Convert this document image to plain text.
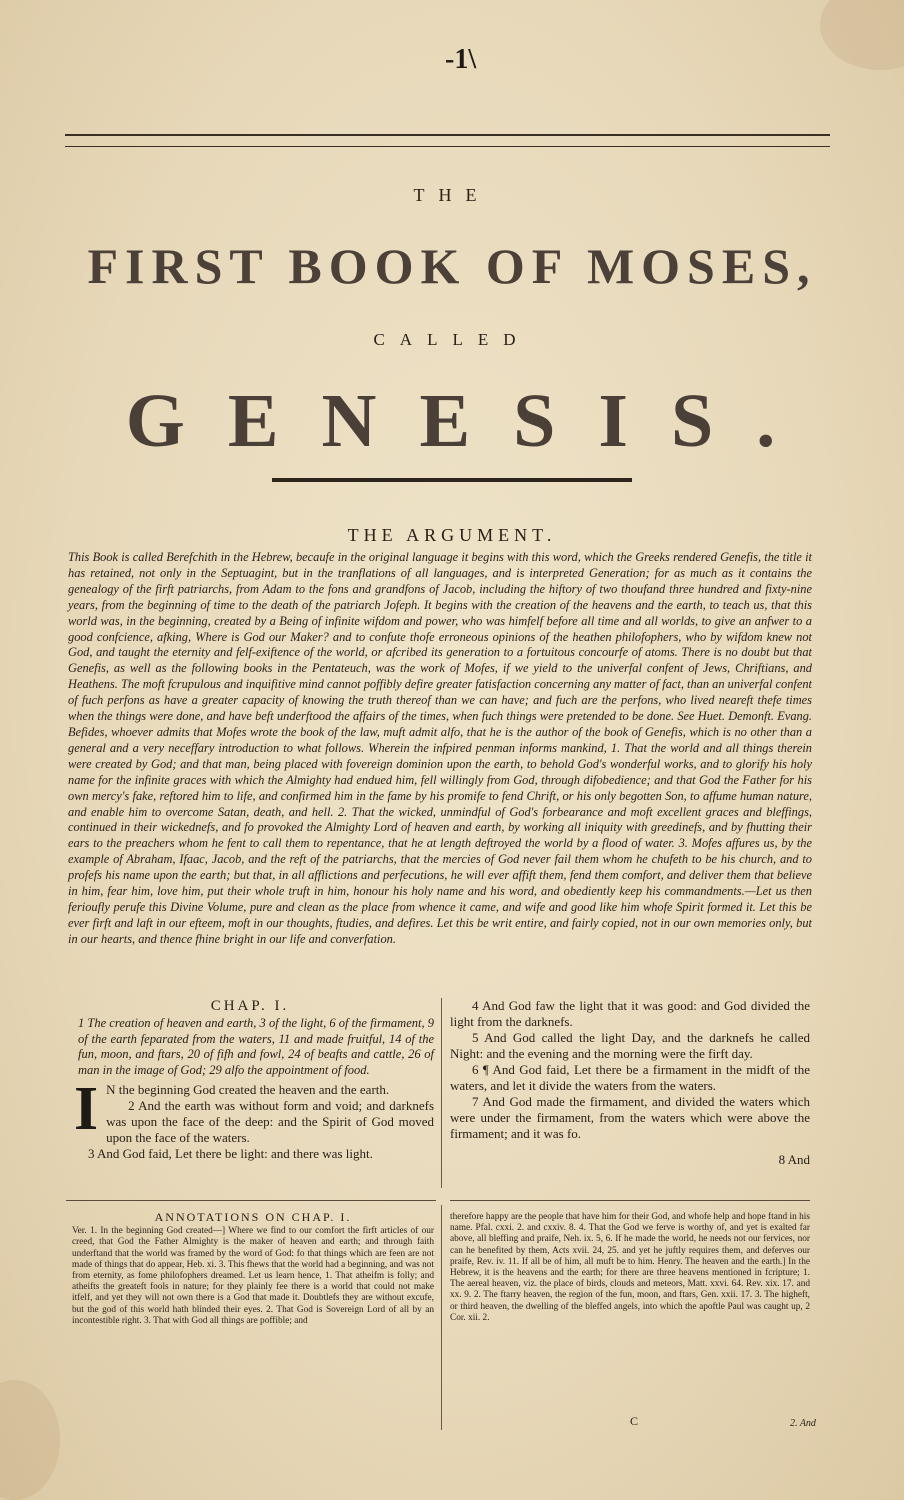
-1\
THE
FIRST BOOK OF MOSES,
CALLED
GENESIS.
THE ARGUMENT.
This Book is called Berefchith in the Hebrew, becaufe in the original language it begins with this word, which the Greeks rendered Genefis, the title it has retained, not only in the Septuagint, but in the tranflations of all languages, and is interpreted Generation; for as much as it contains the genealogy of the firft patriarchs, from Adam to the fons and grandfons of Jacob, including the hiftory of two thoufand three hundred and fixty-nine years, from the beginning of time to the death of the patriarch Jofeph. It begins with the creation of the heavens and the earth, to teach us, that this world was, in the beginning, created by a Being of infinite wifdom and power, who was himfelf before all time and all worlds, to give an anfwer to a good confcience, afking, Where is God our Maker? and to confute thofe erroneous opinions of the heathen philofophers, who by wifdom knew not God, and taught the eternity and felf-exiftence of the world, or afcribed its generation to a fortuitous concourfe of atoms. There is no doubt but that Genefis, as well as the following books in the Pentateuch, was the work of Mofes, if we yield to the univerfal confent of Jews, Chriftians, and Heathens. The moft fcrupulous and inquifitive mind cannot poffibly defire greater fatisfaction concerning any matter of fact, than an univerfal confent of fuch perfons as have a greater capacity of knowing the truth thereof than we can have; and fuch are the perfons, who lived neareft thefe times when the things were done, and have beft underftood the affairs of the times, when fuch things were pretended to be done. See Huet. Demonft. Evang. Befides, whoever admits that Mofes wrote the book of the law, muft admit alfo, that he is the author of the book of Genefis, which is no other than a general and a very neceffary introduction to what follows. Wherein the infpired penman informs mankind, 1. That the world and all things therein were created by God; and that man, being placed with fovereign dominion upon the earth, to behold God's wonderful works, and to glorify his holy name for the infinite graces with which the Almighty had endued him, fell willingly from God, through difobedience; and that God the Father for his own mercy's fake, reftored him to life, and confirmed him in the fame by his promife to fend Chrift, or his only begotten Son, to affume human nature, and enable him to overcome Satan, death, and hell. 2. That the wicked, unmindful of God's forbearance and moft excellent graces and bleffings, continued in their wickednefs, and fo provoked the Almighty Lord of heaven and earth, by working all iniquity with greedinefs, and by fhutting their ears to the preachers whom he fent to call them to repentance, that he at length deftroyed the world by a flood of water. 3. Mofes affures us, by the example of Abraham, Ifaac, Jacob, and the reft of the patriarchs, that the mercies of God never fail them whom he chufeth to be his church, and to profefs his name upon the earth; but that, in all afflictions and perfecutions, he will ever affift them, fend them comfort, and deliver them that believe in him, fear him, love him, put their whole truft in him, honour his holy name and his word, and obediently keep his commandments.—Let us then ferioufly perufe this Divine Volume, pure and clean as the place from whence it came, and wife and good like him whofe Spirit formed it. Let this be ever firft and laft in our efteem, moft in our thoughts, ftudies, and defires. Let this be writ entire, and fairly copied, not in our own memories only, but in our hearts, and thence fhine bright in our life and converfation.
CHAP. I.
1 The creation of heaven and earth, 3 of the light, 6 of the firmament, 9 of the earth feparated from the waters, 11 and made fruitful, 14 of the fun, moon, and ftars, 20 of fifh and fowl, 24 of beafts and cattle, 26 of man in the image of God; 29 alfo the appointment of food.
I N the beginning God created the heaven and the earth.

2 And the earth was without form and void; and darknefs was upon the face of the deep: and the Spirit of God moved upon the face of the waters.

3 And God faid, Let there be light: and there was light.

4 And God faw the light that it was good: and God divided the light from the darknefs.

5 And God called the light Day, and the darknefs he called Night: and the evening and the morning were the firft day.

6 ¶ And God faid, Let there be a firmament in the midft of the waters, and let it divide the waters from the waters.

7 And God made the firmament, and divided the waters which were under the firmament, from the waters which were above the firmament; and it was fo.

8 And
ANNOTATIONS ON CHAP. I.
Ver. 1. In the beginning God created—] Where we find to our comfort the firft articles of our creed, that God the Father Almighty is the maker of heaven and earth; and through faith underftand that the world was framed by the word of God: fo that things which are feen are not made of things that do appear, Heb. xi. 3. This fhews that the world had a beginning, and was not from eternity, as fome philofophers dreamed. Let us learn hence, 1. That atheifm is folly; and atheifts the greateft fools in nature; for they plainly fee there is a world that could not make itfelf, and yet they will not own there is a God that made it. Doubtlefs they are without excufe, but the god of this world hath blinded their eyes. 2. That God is Sovereign Lord of all by an incontestible right. 3. That with God all things are poffible; and
therefore happy are the people that have him for their God, and whofe help and hope ftand in his name. Pfal. cxxi. 2. and cxxiv. 8. 4. That the God we ferve is worthy of, and yet is exalted far above, all bleffing and praife, Neh. ix. 5, 6. If he made the world, he needs not our fervices, nor can he benefited by them, Acts xvii. 24, 25. and yet he juftly requires them, and deferves our praife, Rev. iv. 11. If all be of him, all muft be to him. Henry. The heaven and the earth.] In the Hebrew, it is the heavens and the earth; for there are three heavens mentioned in fcripture; 1. The aereal heaven, viz. the place of birds, clouds and meteors, Matt. xxvi. 64. Rev. xix. 17. and xx. 9. 2. The ftarry heaven, the region of the fun, moon, and ftars, Gen. xxii. 17. 3. The higheft, or third heaven, the dwelling of the bleffed angels, into which the apoftle Paul was caught up, 2 Cor. xii. 2.
C	2. And
